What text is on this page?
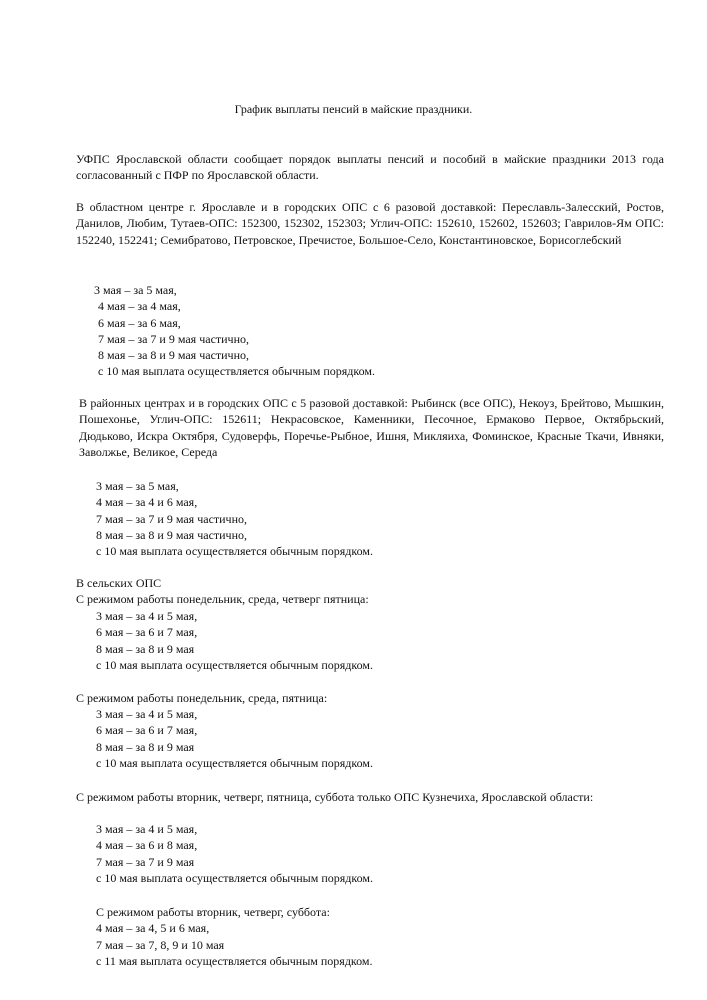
График выплаты пенсий в майские праздники.
УФПС Ярославской области сообщает порядок выплаты пенсий и пособий в майские праздники 2013 года согласованный с ПФР по Ярославской области.
В областном центре г. Ярославле и в городских ОПС с 6 разовой доставкой: Переславль-Залесский, Ростов, Данилов, Любим, Тутаев-ОПС: 152300, 152302, 152303; Углич-ОПС: 152610, 152602, 152603; Гаврилов-Ям ОПС: 152240, 152241; Семибратово, Петровское, Пречистое, Большое-Село, Константиновское, Борисоглебский
3 мая – за 5 мая,
4 мая – за 4 мая,
6 мая – за 6 мая,
7 мая – за 7 и 9 мая частично,
8 мая – за 8 и 9 мая частично,
с 10 мая выплата осуществляется обычным порядком.
В районных центрах и в городских ОПС с 5 разовой доставкой: Рыбинск (все ОПС), Некоуз, Брейтово, Мышкин, Пошехонье, Углич-ОПС: 152611; Некрасовское, Каменники, Песочное, Ермаково Первое, Октябрьский, Дюдьково, Искра Октября, Судоверфь, Поречье-Рыбное, Ишня, Микляиха, Фоминское, Красные Ткачи, Ивняки, Заволжье, Великое, Середа
3 мая – за 5 мая,
4 мая – за 4 и 6 мая,
7 мая – за 7 и 9 мая частично,
8 мая – за 8 и 9 мая частично,
с 10 мая выплата осуществляется обычным порядком.
В сельских ОПС
С режимом работы понедельник, среда, четверг пятница:
3 мая – за 4 и 5 мая,
6 мая – за 6 и 7 мая,
8 мая – за 8 и 9 мая
с 10 мая выплата осуществляется обычным порядком.
С режимом работы понедельник, среда, пятница:
3 мая – за 4 и 5 мая,
6 мая – за 6 и 7 мая,
8 мая – за 8 и 9 мая
с 10 мая выплата осуществляется обычным порядком.
С режимом работы вторник, четверг, пятница, суббота только ОПС Кузнечиха, Ярославской области:
3 мая – за 4 и 5 мая,
4 мая – за 6 и 8 мая,
7 мая – за 7 и 9 мая
с 10 мая выплата осуществляется обычным порядком.
С режимом работы вторник, четверг, суббота:
4 мая – за 4, 5 и 6 мая,
7 мая – за 7, 8, 9 и 10 мая
с 11 мая выплата осуществляется обычным порядком.
